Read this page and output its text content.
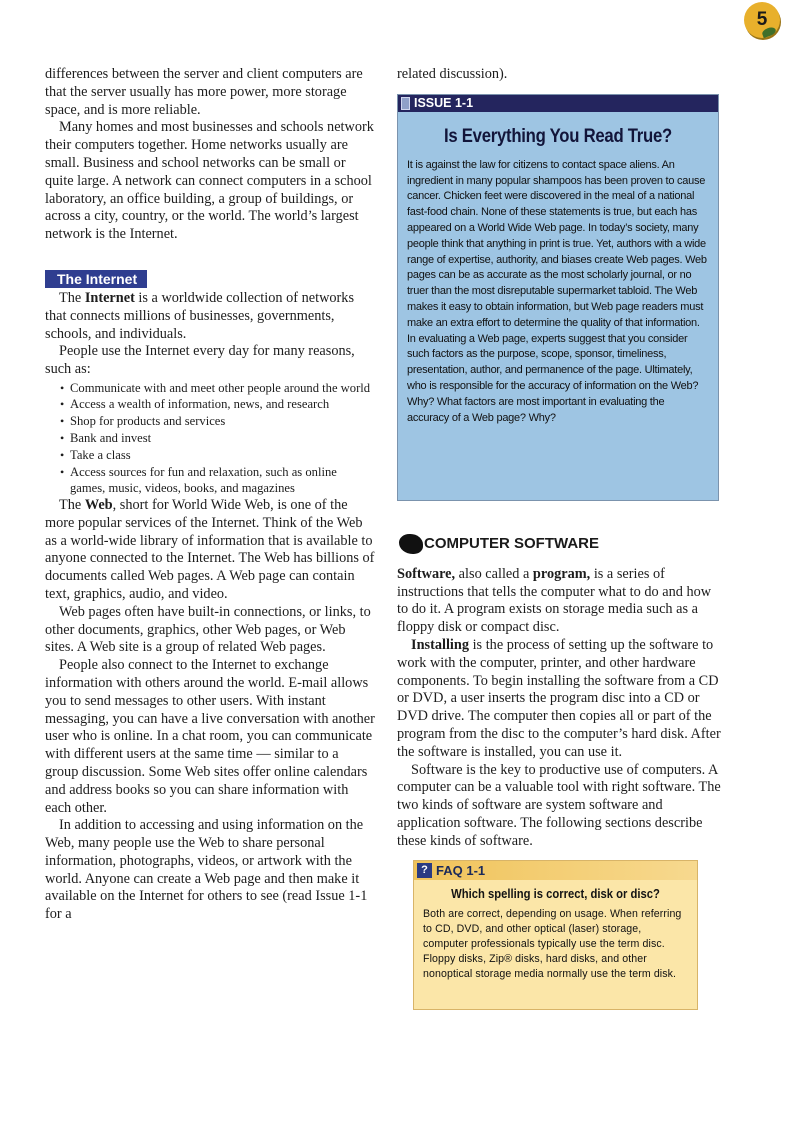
5

differences between the server and client computers are that the server usually has more power, more storage space, and is more reliable.

Many homes and most businesses and schools network their computers together. Home networks usually are small. Business and school networks can be small or quite large. A network can connect computers in a school laboratory, an office building, a group of buildings, or across a city, country, or the world. The world’s largest network is the Internet.

The Internet

The Internet is a worldwide collection of networks that connects millions of businesses, governments, schools, and individuals.

People use the Internet every day for many reasons, such as:

• Communicate with and meet other people around the world
• Access a wealth of information, news, and research
• Shop for products and services
• Bank and invest
• Take a class
• Access sources for fun and relaxation, such as online games, music, videos, books, and magazines

The Web, short for World Wide Web, is one of the more popular services of the Internet. Think of the Web as a world-wide library of information that is available to anyone connected to the Internet. The Web has billions of documents called Web pages. A Web page can contain text, graphics, audio, and video.

Web pages often have built-in connections, or links, to other documents, graphics, other Web pages, or Web sites. A Web site is a group of related Web pages.

People also connect to the Internet to exchange information with others around the world. E-mail allows you to send messages to other users. With instant messaging, you can have a live conversation with another user who is online. In a chat room, you can communicate with different users at the same time — similar to a group discussion. Some Web sites offer online calendars and address books so you can share information with each other.

In addition to accessing and using information on the Web, many people use the Web to share personal information, photographs, videos, or artwork with the world. Anyone can create a Web page and then make it available on the Internet for others to see (read Issue 1-1 for a

related discussion).

ISSUE 1-1
Is Everything You Read True?
It is against the law for citizens to contact space aliens. An ingredient in many popular shampoos has been proven to cause cancer. Chicken feet were discovered in the meal of a national fast-food chain. None of these statements is true, but each has appeared on a World Wide Web page. In today’s society, many people think that anything in print is true. Yet, authors with a wide range of expertise, authority, and biases create Web pages. Web pages can be as accurate as the most scholarly journal, or no truer than the most disreputable supermarket tabloid. The Web makes it easy to obtain information, but Web page readers must make an extra effort to determine the quality of that information. In evaluating a Web page, experts suggest that you consider such factors as the purpose, scope, sponsor, timeliness, presentation, author, and permanence of the page. Ultimately, who is responsible for the accuracy of information on the Web? Why? What factors are most important in evaluating the accuracy of a Web page? Why?
COMPUTER SOFTWARE

Software, also called a program, is a series of instructions that tells the computer what to do and how to do it. A program exists on storage media such as a floppy disk or compact disc.

Installing is the process of setting up the software to work with the computer, printer, and other hardware components. To begin installing the software from a CD or DVD, a user inserts the program disc into a CD or DVD drive. The computer then copies all or part of the program from the disc to the computer’s hard disk. After the software is installed, you can use it.

Software is the key to productive use of computers. A computer can be a valuable tool with right software. The two kinds of software are system software and application software. The following sections describe these kinds of software.

? FAQ 1-1
Which spelling is correct, disk or disc?
Both are correct, depending on usage. When referring to CD, DVD, and other optical (laser) storage, computer professionals typically use the term disc. Floppy disks, Zip® disks, hard disks, and other nonoptical storage media normally use the term disk.
